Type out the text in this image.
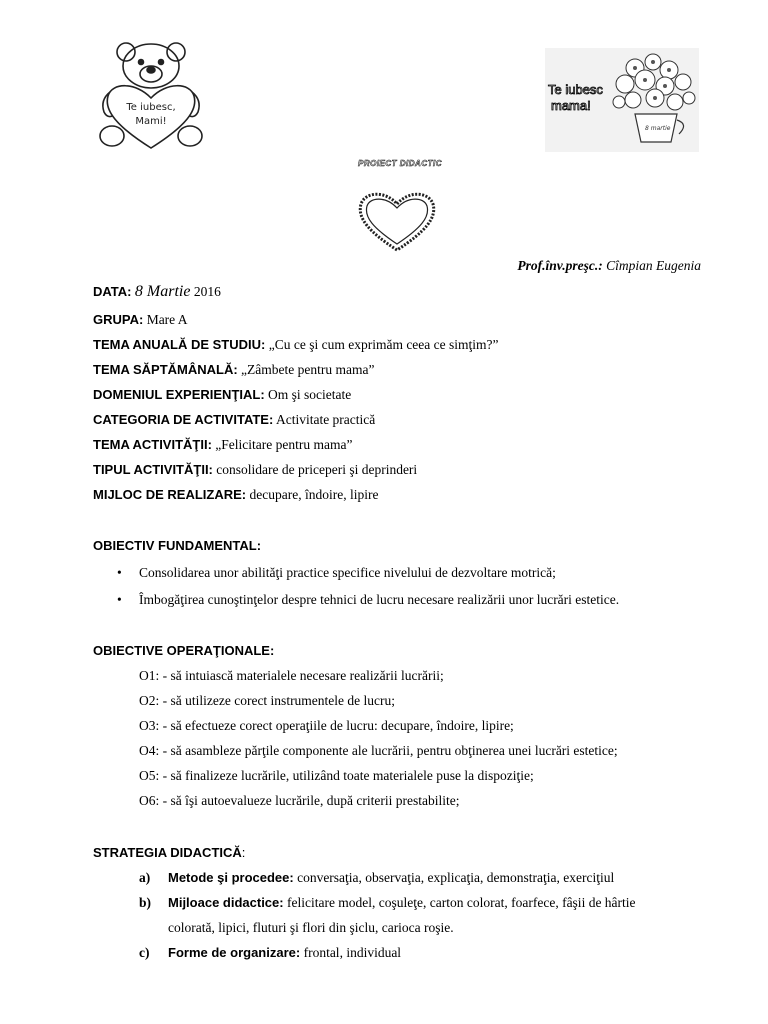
Te iubesc,
Mami!
Te iubesc
mama!
8 martie
PROIECT DIDACTIC
Prof.înv.preşc.: Cîmpian Eugenia
DATA: 8 Martie 2016
GRUPA: Mare A
TEMA ANUALĂ DE STUDIU: „Cu ce şi cum exprimăm ceea ce simţim?”
TEMA SĂPTĂMÂNALĂ: „Zâmbete pentru mama”
DOMENIUL EXPERIENŢIAL: Om şi societate
CATEGORIA DE ACTIVITATE: Activitate practică
TEMA ACTIVITĂŢII: „Felicitare pentru mama”
TIPUL ACTIVITĂŢII: consolidare de priceperi şi deprinderi
MIJLOC DE REALIZARE: decupare, îndoire, lipire
OBIECTIV FUNDAMENTAL:
• Consolidarea unor abilităţi practice specifice nivelului de dezvoltare motrică;
• Îmbogăţirea cunoştinţelor despre tehnici de lucru necesare realizării unor lucrări estetice.
OBIECTIVE OPERAŢIONALE:
O1: - să intuiască materialele necesare realizării lucrării;
O2: - să utilizeze corect instrumentele de lucru;
O3: - să efectueze corect operaţiile de lucru: decupare, îndoire, lipire;
O4: - să asambleze părţile componente ale lucrării, pentru obţinerea unei lucrări estetice;
O5: - să finalizeze lucrările, utilizând toate materialele puse la dispoziţie;
O6: - să îşi autoevalueze lucrările, după criterii prestabilite;
STRATEGIA DIDACTICĂ:
a) Metode şi procedee: conversaţia, observaţia, explicaţia, demonstraţia, exerciţiul
b) Mijloace didactice: felicitare model, coşuleţe, carton colorat, foarfece, fâşii de hârtie
colorată, lipici, fluturi şi flori din şiclu, carioca roşie.
c) Forme de organizare: frontal, individual
